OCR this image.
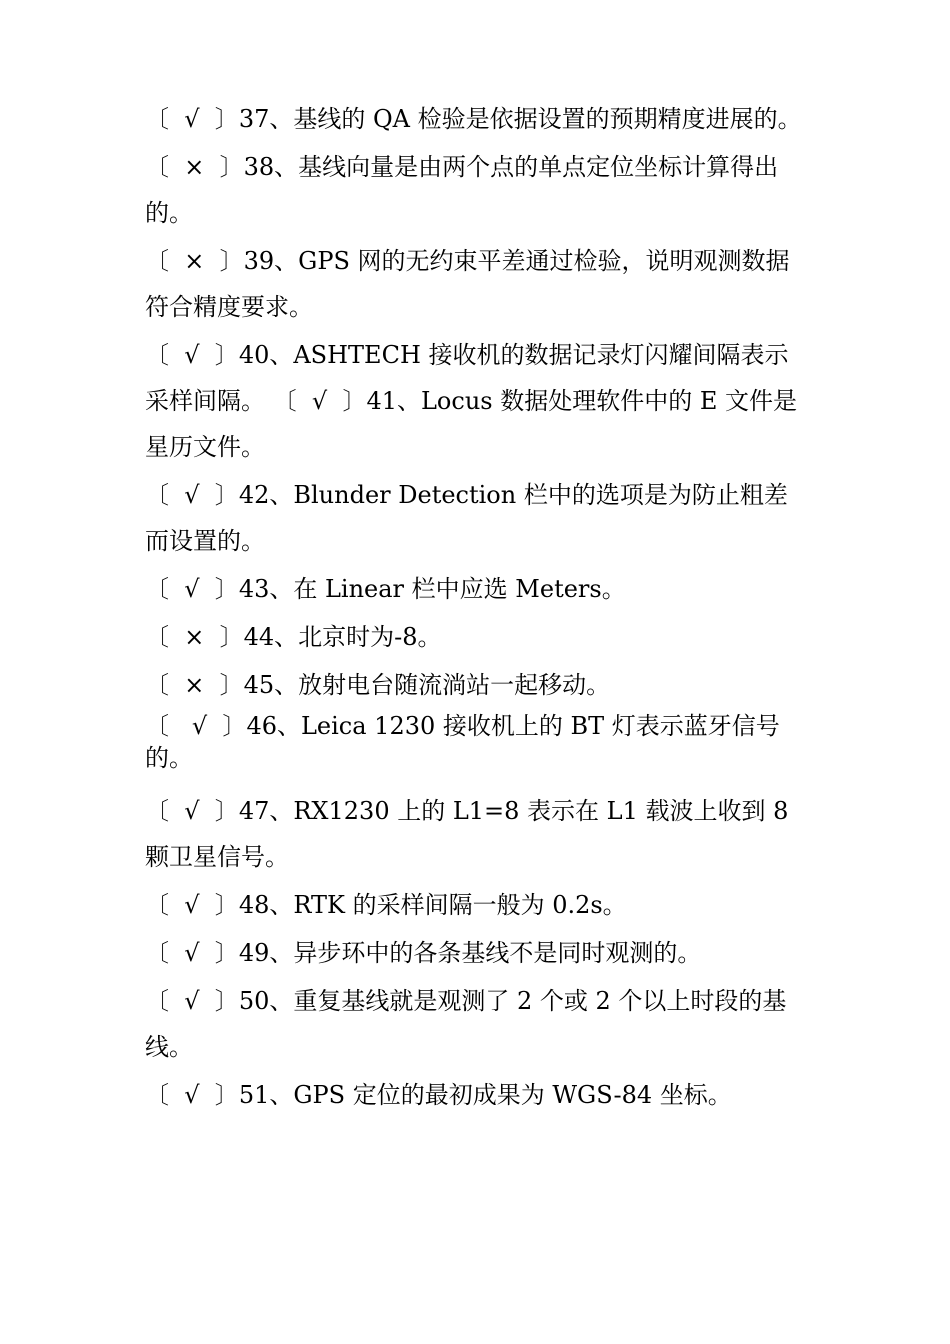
〔  √  〕37、基线的 QA 检验是依据设置的预期精度进展的。

〔  ×  〕38、基线向量是由两个点的单点定位坐标计算得出的。

〔  ×  〕39、GPS 网的无约束平差通过检验，说明观测数据符合精度要求。

〔  √  〕40、ASHTECH 接收机的数据记录灯闪耀间隔表示采样间隔。 〔  √  〕41、Locus 数据处理软件中的 E 文件是星历文件。

〔  √  〕42、Blunder Detection 栏中的选项是为防止粗差而设置的。

〔  √  〕43、在 Linear 栏中应选 Meters。

〔  ×  〕44、北京时为-8。

〔  ×  〕45、放射电台随流淌站一起移动。

〔   √  〕46、Leica 1230 接收机上的 BT 灯表示蓝牙信号的。

〔  √  〕47、RX1230 上的 L1=8 表示在 L1 载波上收到 8 颗卫星信号。

〔  √  〕48、RTK 的采样间隔一般为 0.2s。

〔  √  〕49、异步环中的各条基线不是同时观测的。

〔  √  〕50、重复基线就是观测了 2 个或 2 个以上时段的基线。

〔  √  〕51、GPS 定位的最初成果为 WGS-84 坐标。
